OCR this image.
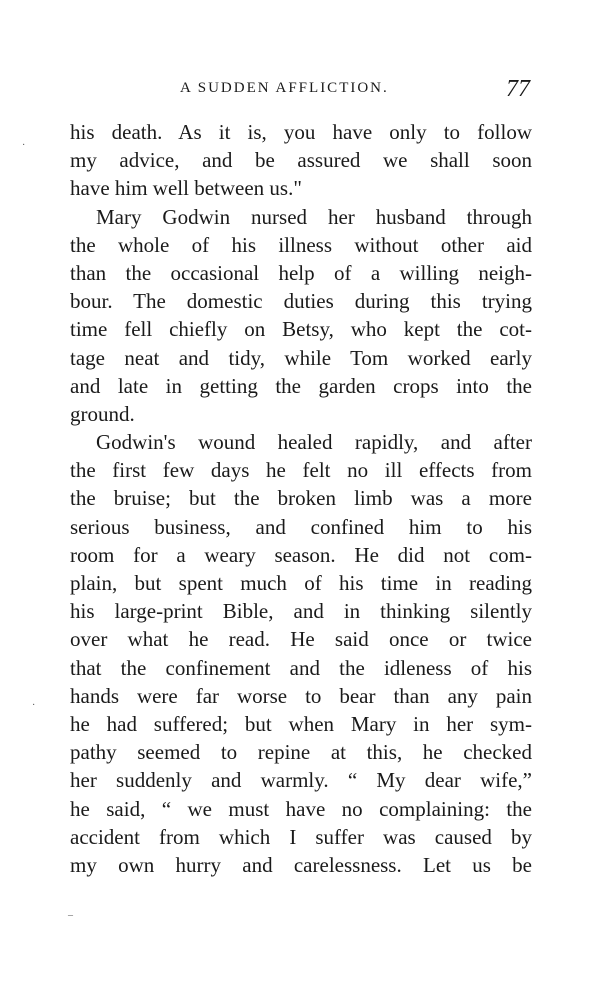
A SUDDEN AFFLICTION.	77
his death. As it is, you have only to follow
my advice, and be assured we shall soon
have him well between us."
Mary Godwin nursed her husband through
the whole of his illness without other aid
than the occasional help of a willing neigh-
bour. The domestic duties during this trying
time fell chiefly on Betsy, who kept the cot-
tage neat and tidy, while Tom worked early
and late in getting the garden crops into the
ground.
Godwin's wound healed rapidly, and after
the first few days he felt no ill effects from
the bruise; but the broken limb was a more
serious business, and confined him to his
room for a weary season. He did not com-
plain, but spent much of his time in reading
his large-print Bible, and in thinking silently
over what he read. He said once or twice
that the confinement and the idleness of his
hands were far worse to bear than any pain
he had suffered; but when Mary in her sym-
pathy seemed to repine at this, he checked
her suddenly and warmly. “ My dear wife,”
he said, “ we must have no complaining: the
accident from which I suffer was caused by
my own hurry and carelessness. Let us be
·
·
–
